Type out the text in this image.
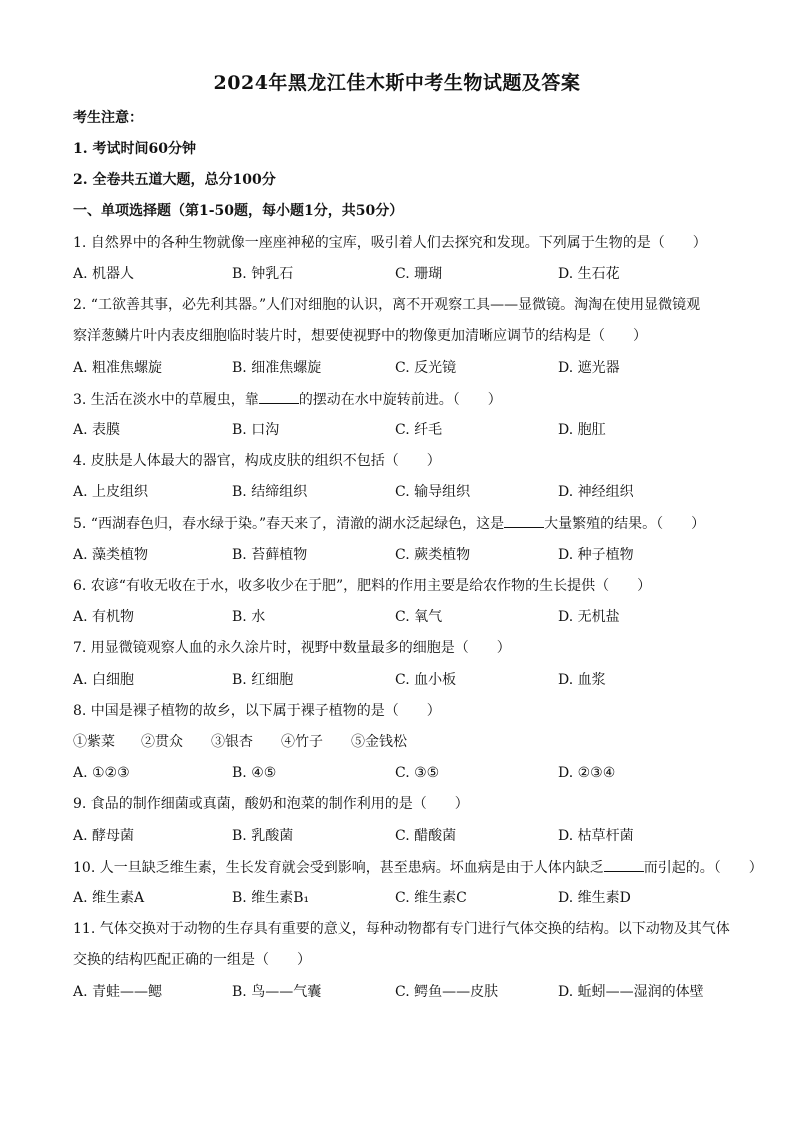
2024年黑龙江佳木斯中考生物试题及答案
考生注意：
1. 考试时间60分钟
2. 全卷共五道大题，总分100分
一、单项选择题（第1-50题，每小题1分，共50分）
1. 自然界中的各种生物就像一座座神秘的宝库，吸引着人们去探究和发现。下列属于生物的是（　　）
A. 机器人	B. 钟乳石	C. 珊瑚	D. 生石花
2. “工欲善其事，必先利其器。”人们对细胞的认识，离不开观察工具——显微镜。淘淘在使用显微镜观
察洋葱鳞片叶内表皮细胞临时装片时，想要使视野中的物像更加清晰应调节的结构是（　　）
A. 粗准焦螺旋	B. 细准焦螺旋	C. 反光镜	D. 遮光器
3. 生活在淡水中的草履虫，靠	的摆动在水中旋转前进。（　　）
A. 表膜	B. 口沟	C. 纤毛	D. 胞肛
4. 皮肤是人体最大的器官，构成皮肤的组织不包括（　　）
A. 上皮组织	B. 结缔组织	C. 输导组织	D. 神经组织
5. “西湖春色归，春水绿于染。”春天来了，清澈的湖水泛起绿色，这是	大量繁殖的结果。（　　）
A. 藻类植物	B. 苔藓植物	C. 蕨类植物	D. 种子植物
6. 农谚“有收无收在于水，收多收少在于肥”，肥料的作用主要是给农作物的生长提供（　　）
A. 有机物	B. 水	C. 氧气	D. 无机盐
7. 用显微镜观察人血的永久涂片时，视野中数量最多的细胞是（　　）
A. 白细胞	B. 红细胞	C. 血小板	D. 血浆
8. 中国是裸子植物的故乡，以下属于裸子植物的是（　　）
①紫菜 ②贯众 ③银杏 ④竹子 ⑤金钱松
A. ①②③	B. ④⑤	C. ③⑤	D. ②③④
9. 食品的制作细菌或真菌，酸奶和泡菜的制作利用的是（　　）
A. 酵母菌	B. 乳酸菌	C. 醋酸菌	D. 枯草杆菌
10. 人一旦缺乏维生素，生长发育就会受到影响，甚至患病。坏血病是由于人体内缺乏	而引起的。（　　）
A. 维生素A	B. 维生素B₁	C. 维生素C	D. 维生素D
11. 气体交换对于动物的生存具有重要的意义，每种动物都有专门进行气体交换的结构。以下动物及其气体
交换的结构匹配正确的一组是（　　）
A. 青蛙——鳃	B. 鸟——气囊	C. 鳄鱼——皮肤	D. 蚯蚓——湿润的体壁
